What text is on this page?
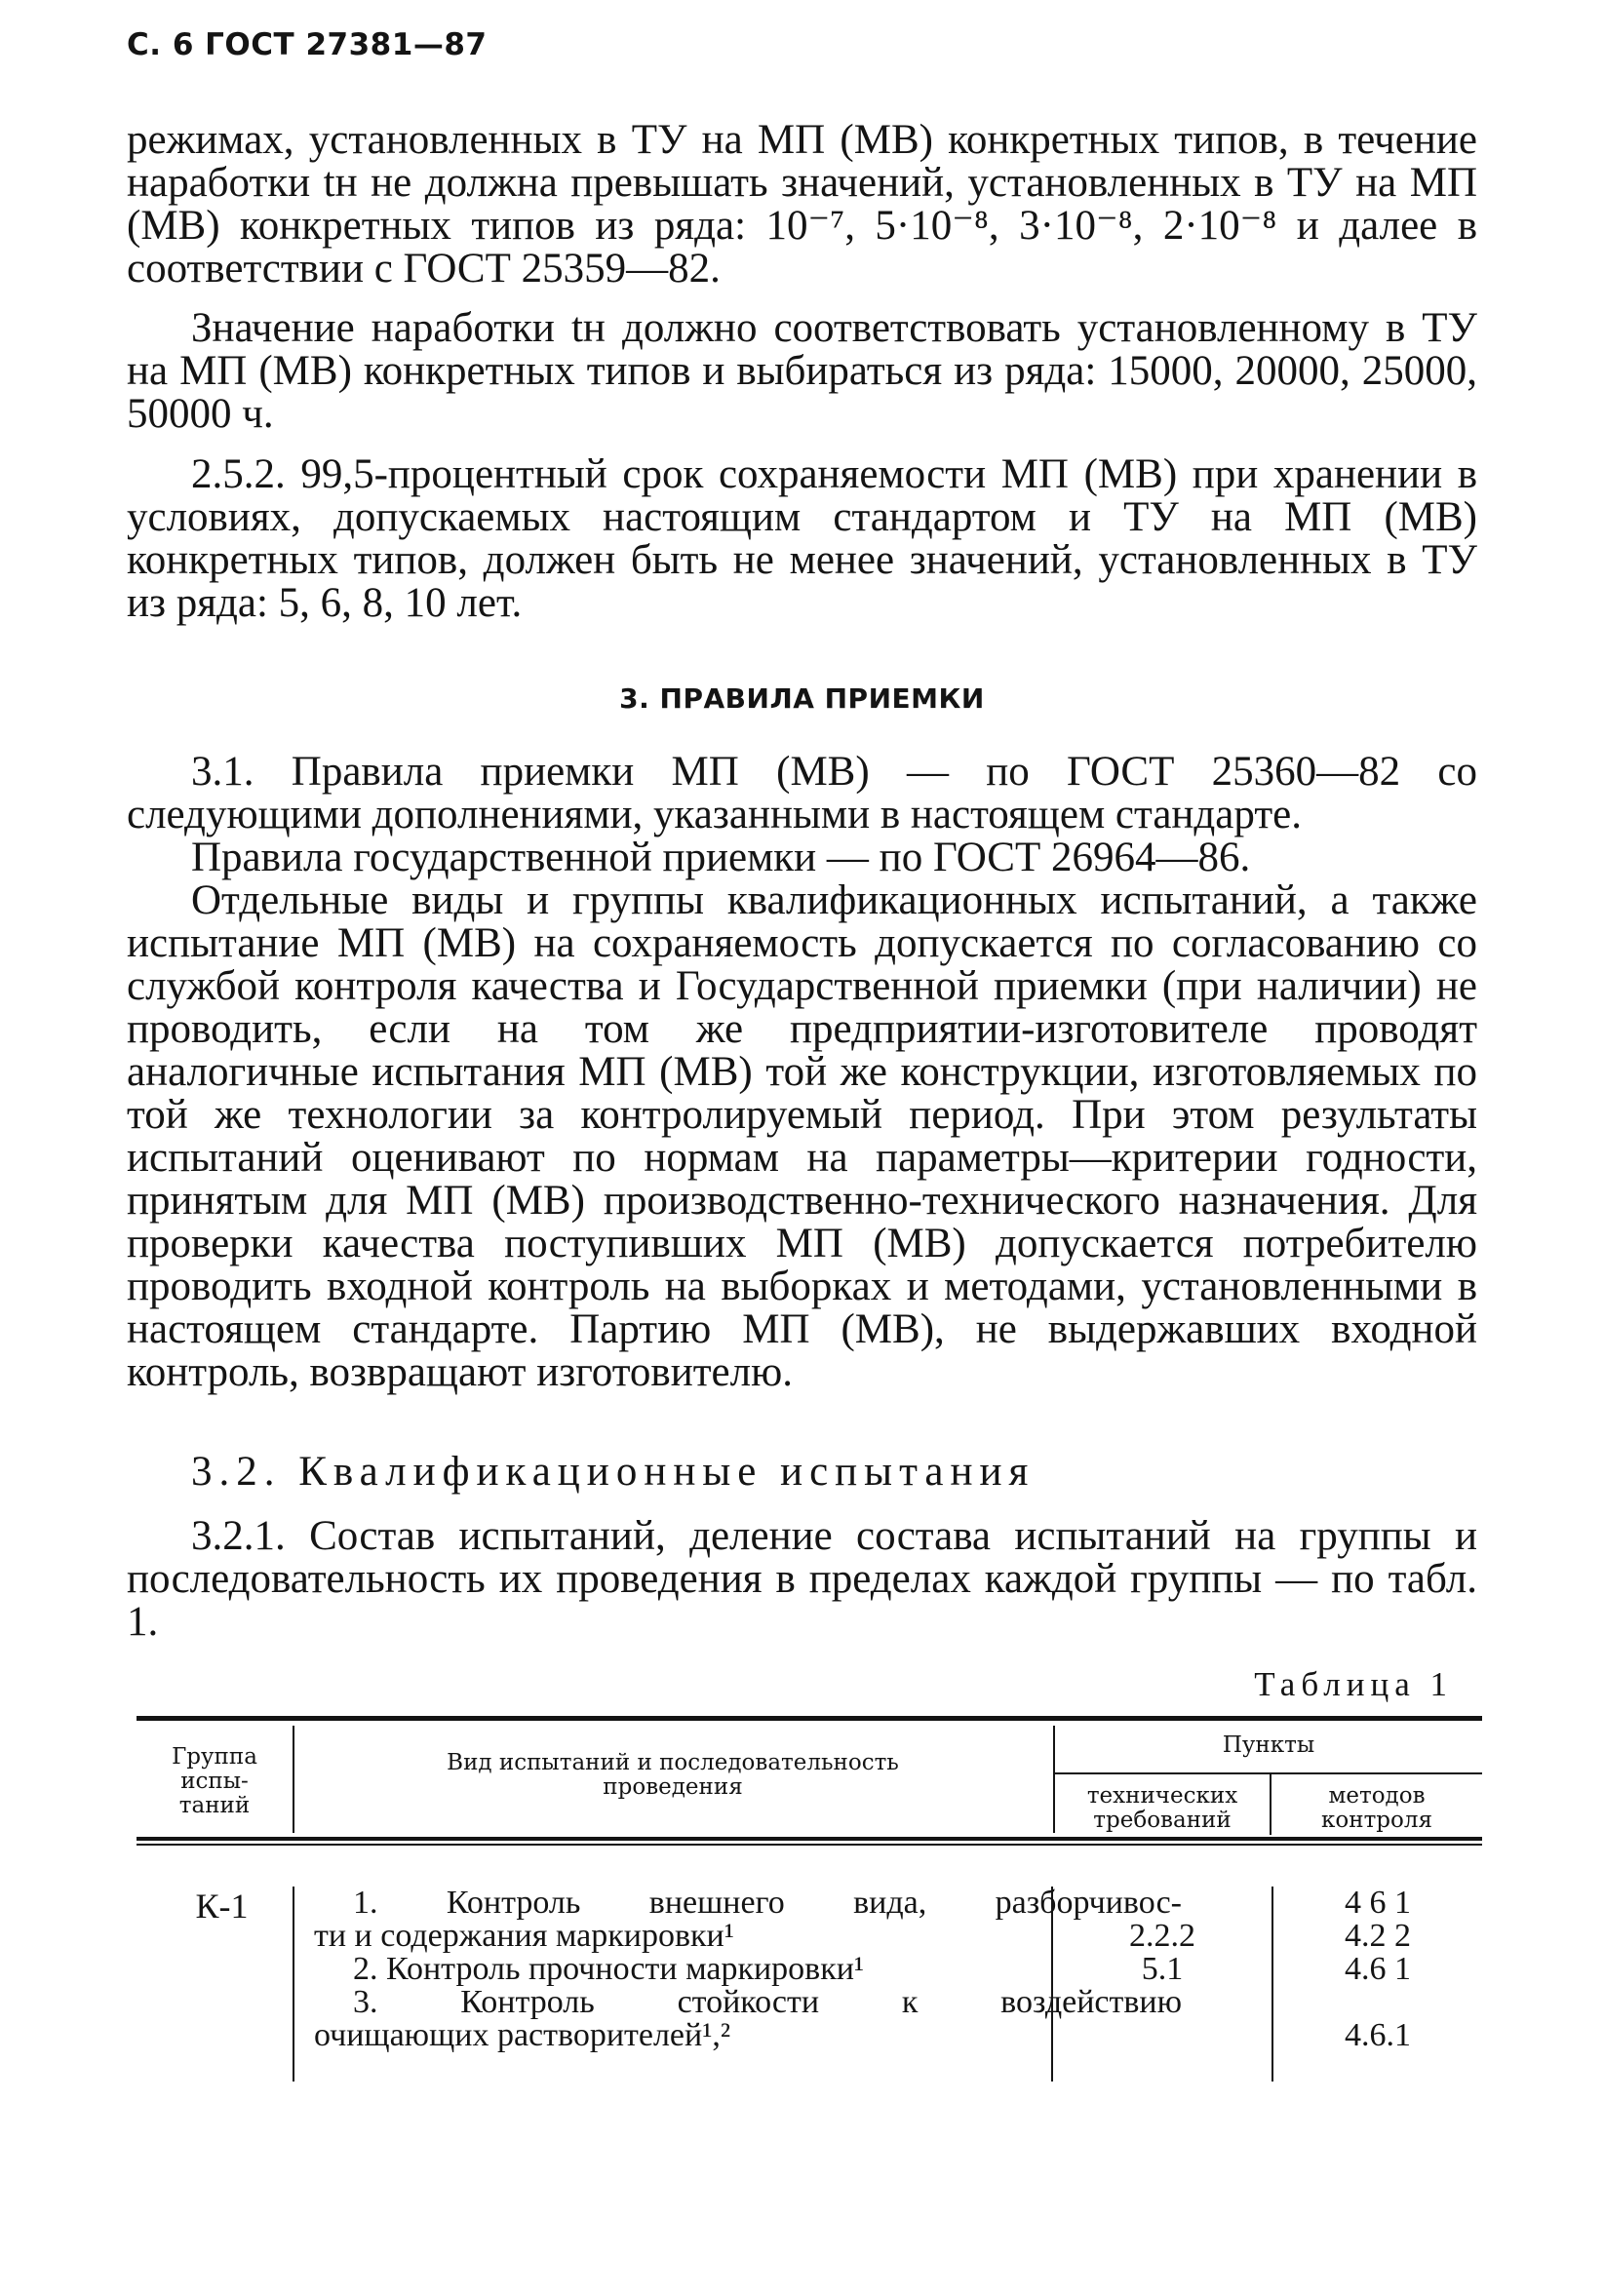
С. 6 ГОСТ 27381—87

режимах, установленных в ТУ на МП (МВ) конкретных типов, в течение наработки tн не должна превышать значений, установленных в ТУ на МП (МВ) конкретных типов из ряда: 10⁻⁷, 5·10⁻⁸, 3·10⁻⁸, 2·10⁻⁸ и далее в соответствии с ГОСТ 25359—82.

Значение наработки tн должно соответствовать установленному в ТУ на МП (МВ) конкретных типов и выбираться из ряда: 15000, 20000, 25000, 50000 ч.

2.5.2. 99,5-процентный срок сохраняемости МП (МВ) при хранении в условиях, допускаемых настоящим стандартом и ТУ на МП (МВ) конкретных типов, должен быть не менее значений, установленных в ТУ из ряда: 5, 6, 8, 10 лет.

3. ПРАВИЛА ПРИЕМКИ

3.1. Правила приемки МП (МВ) — по ГОСТ 25360—82 со следующими дополнениями, указанными в настоящем стандарте.

Правила государственной приемки — по ГОСТ 26964—86.

Отдельные виды и группы квалификационных испытаний, а также испытание МП (МВ) на сохраняемость допускается по согласованию со службой контроля качества и Государственной приемки (при наличии) не проводить, если на том же предприятии-изготовителе проводят аналогичные испытания МП (МВ) той же конструкции, изготовляемых по той же технологии за контролируемый период. При этом результаты испытаний оценивают по нормам на параметры—критерии годности, принятым для МП (МВ) производственно-технического назначения. Для проверки качества поступивших МП (МВ) допускается потребителю проводить входной контроль на выборках и методами, установленными в настоящем стандарте. Партию МП (МВ), не выдержавших входной контроль, возвращают изготовителю.

3.2. Квалификационные испытания

3.2.1. Состав испытаний, деление состава испытаний на группы и последовательность их проведения в пределах каждой группы — по табл. 1.

Таблица 1
Группа
испы-
таний
Вид испытаний и последовательность
проведения
Пункты
технических
требований
методов
контроля
К-1	1. Контроль внешнего вида, разборчивос-
ти и содержания маркировки¹
2. Контроль прочности маркировки¹
3. Контроль стойкости к воздействию
очищающих растворителей¹,²
2.2.2
5.1
4 6 1
4.2 2
4.6 1
4.6.1
